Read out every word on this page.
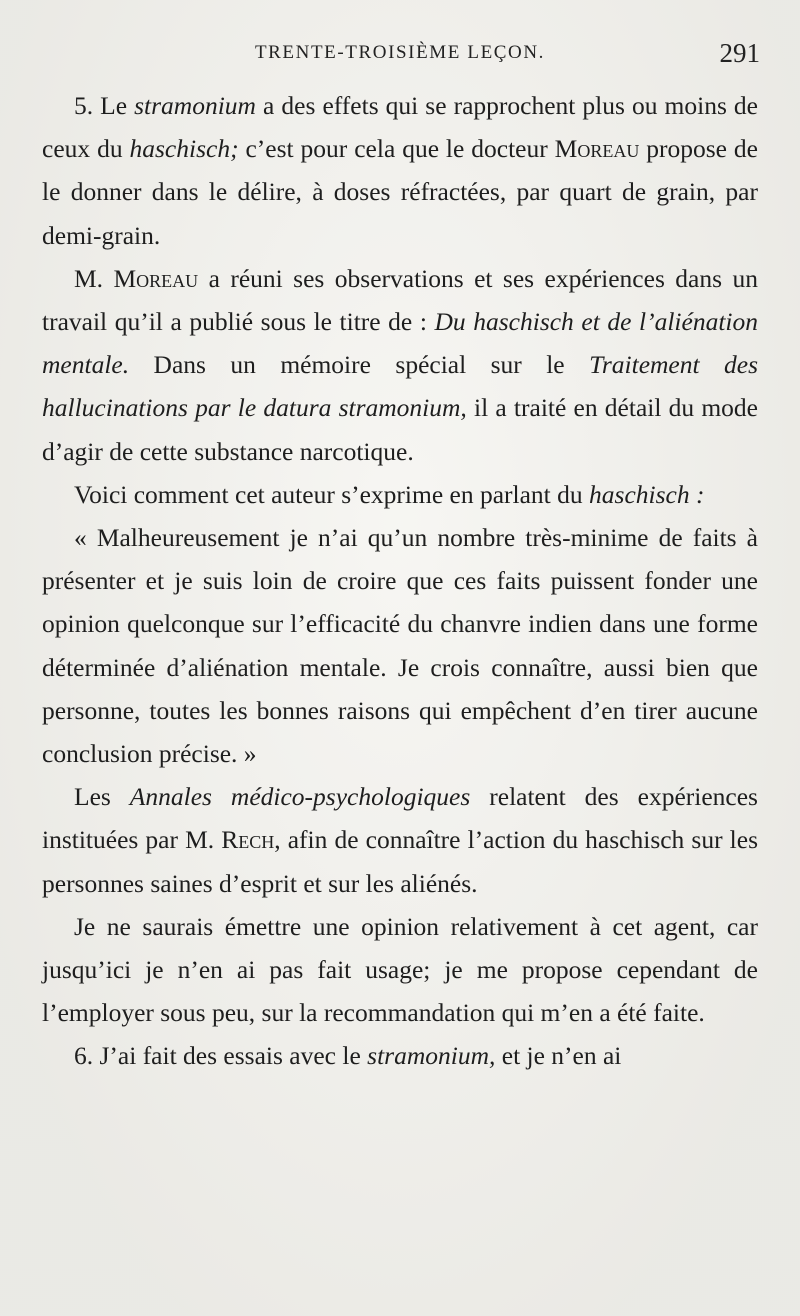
TRENTE-TROISIÈME LEÇON.	291

5. Le stramonium a des effets qui se rapprochent plus ou moins de ceux du haschisch; c’est pour cela que le docteur Moreau propose de le donner dans le délire, à doses réfractées, par quart de grain, par demi-grain.

M. Moreau a réuni ses observations et ses expériences dans un travail qu’il a publié sous le titre de : Du haschisch et de l’aliénation mentale. Dans un mémoire spécial sur le Traitement des hallucinations par le datura stramonium, il a traité en détail du mode d’agir de cette substance narcotique.

Voici comment cet auteur s’exprime en parlant du haschisch :

« Malheureusement je n’ai qu’un nombre très-minime de faits à présenter et je suis loin de croire que ces faits puissent fonder une opinion quelconque sur l’efficacité du chanvre indien dans une forme déterminée d’aliénation mentale. Je crois connaître, aussi bien que personne, toutes les bonnes raisons qui empêchent d’en tirer aucune conclusion précise. »

Les Annales médico-psychologiques relatent des expériences instituées par M. Rech, afin de connaître l’action du haschisch sur les personnes saines d’esprit et sur les aliénés.

Je ne saurais émettre une opinion relativement à cet agent, car jusqu’ici je n’en ai pas fait usage; je me propose cependant de l’employer sous peu, sur la recommandation qui m’en a été faite.

6. J’ai fait des essais avec le stramonium, et je n’en ai
